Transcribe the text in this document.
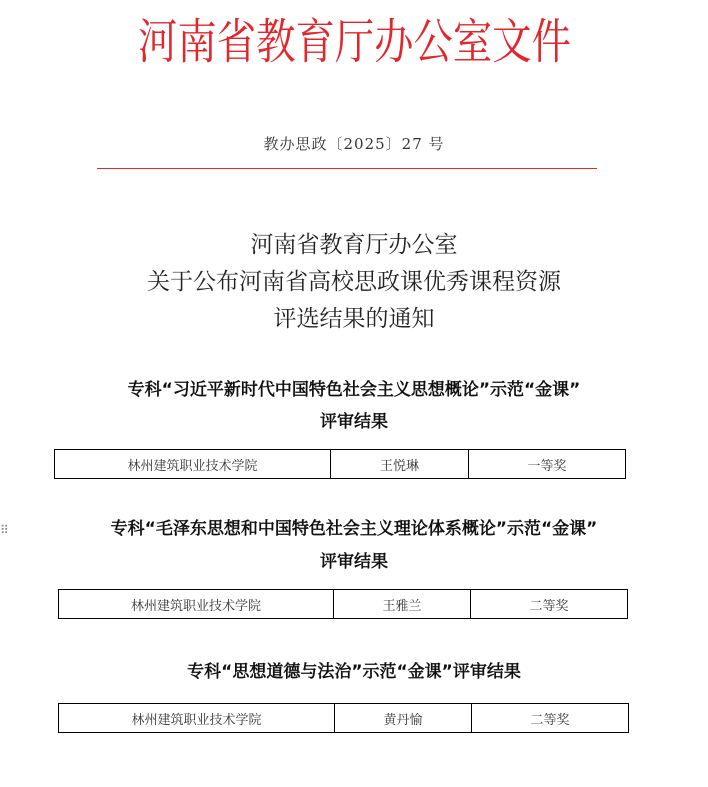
河南省教育厅办公室文件
教办思政〔2025〕27 号
河南省教育厅办公室
关于公布河南省高校思政课优秀课程资源
评选结果的通知
专科“习近平新时代中国特色社会主义思想概论”示范“金课”
评审结果
林州建筑职业技术学院	王悦琳	一等奖
⠿	专科“毛泽东思想和中国特色社会主义理论体系概论”示范“金课”
评审结果
林州建筑职业技术学院	王雅兰	二等奖
专科“思想道德与法治”示范“金课”评审结果
林州建筑职业技术学院	黄丹愉	二等奖
